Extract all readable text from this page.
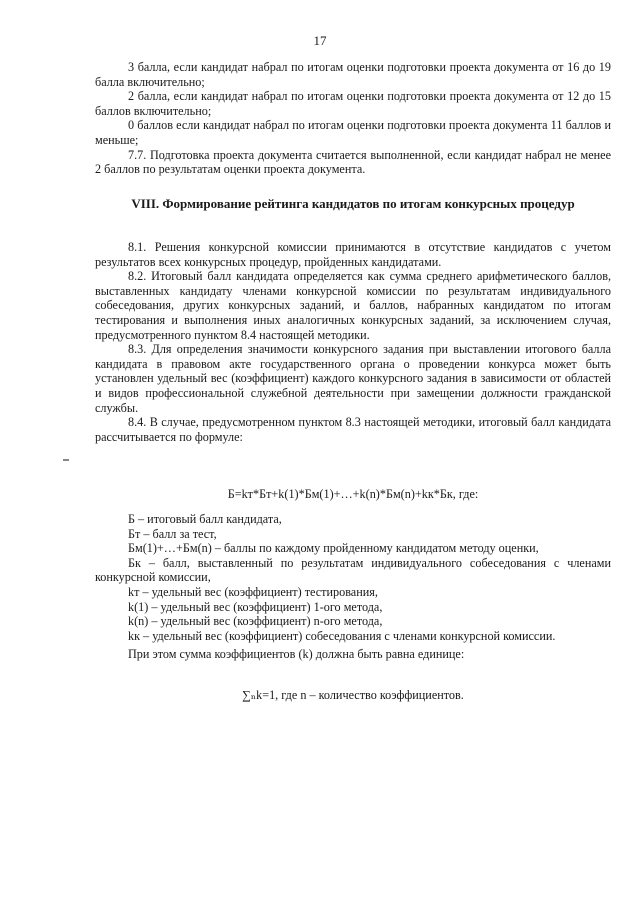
17

3 балла, если кандидат набрал по итогам оценки подготовки проекта документа от 16 до 19 балла включительно;

2 балла, если кандидат набрал по итогам оценки подготовки проекта документа от 12 до 15 баллов включительно;

0 баллов если кандидат набрал по итогам оценки подготовки проекта документа 11 баллов и меньше;

7.7. Подготовка проекта документа считается выполненной, если кандидат набрал не менее 2 баллов по результатам оценки проекта документа.

VIII. Формирование рейтинга кандидатов по итогам конкурсных процедур

8.1. Решения конкурсной комиссии принимаются в отсутствие кандидатов с учетом результатов всех конкурсных процедур, пройденных кандидатами.

8.2. Итоговый балл кандидата определяется как сумма среднего арифметического баллов, выставленных кандидату членами конкурсной комиссии по результатам индивидуального собеседования, других конкурсных заданий, и баллов, набранных кандидатом по итогам тестирования и выполнения иных аналогичных конкурсных заданий, за исключением случая, предусмотренного пунктом 8.4 настоящей методики.

8.3. Для определения значимости конкурсного задания при выставлении итогового балла кандидата в правовом акте государственного органа о проведении конкурса может быть установлен удельный вес (коэффициент) каждого конкурсного задания в зависимости от областей и видов профессиональной служебной деятельности при замещении должности гражданской службы.

8.4. В случае, предусмотренном пунктом 8.3 настоящей методики, итоговый балл кандидата рассчитывается по формуле:

Б=kт*Бт+k(1)*Бм(1)+…+k(n)*Бм(n)+kк*Бк, где:

Б – итоговый балл кандидата,

Бт – балл за тест,

Бм(1)+…+Бм(n) – баллы по каждому пройденному кандидатом методу оценки,

Бк – балл, выставленный по результатам индивидуального собеседования с членами конкурсной комиссии,

kт – удельный вес (коэффициент) тестирования,

k(1) – удельный вес (коэффициент) 1-ого метода,

k(n) – удельный вес (коэффициент) n-ого метода,

kк – удельный вес (коэффициент) собеседования с членами конкурсной комиссии.

При этом сумма коэффициентов (k) должна быть равна единице:

∑ₙk=1, где n – количество коэффициентов.
